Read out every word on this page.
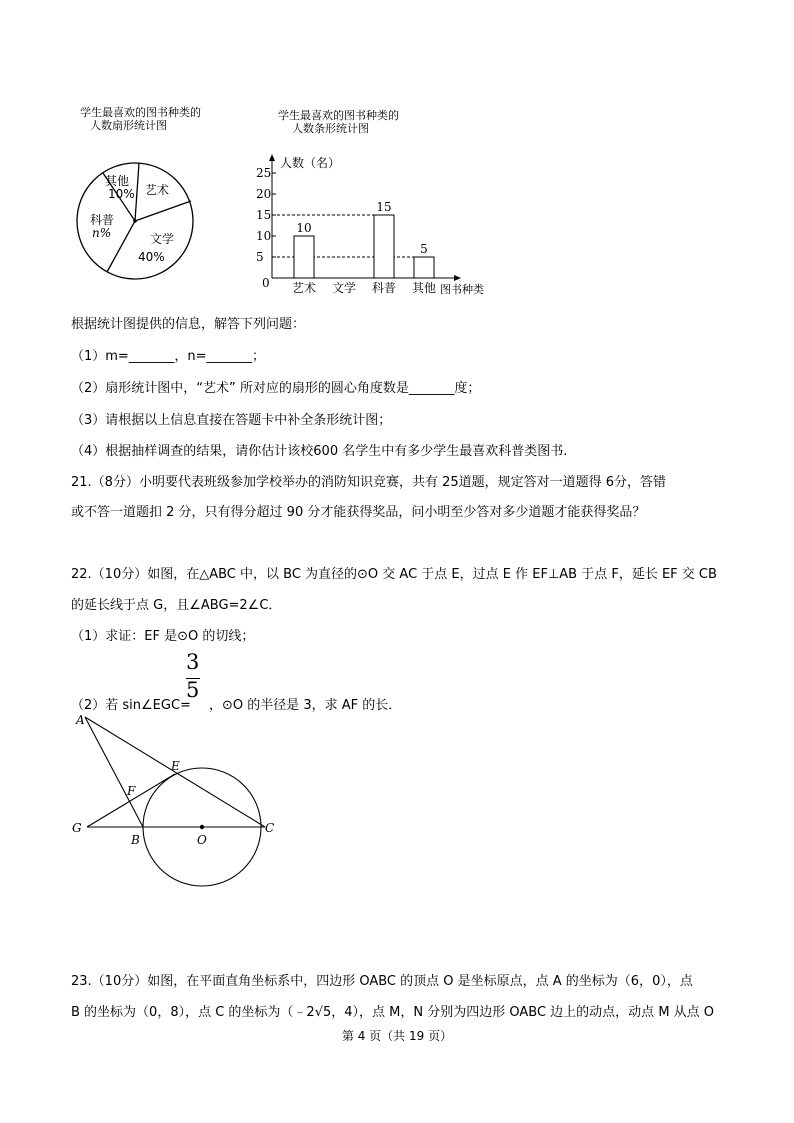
学生最喜欢的图书种类的
人数扇形统计图
其他
10% 艺术
文学
40%
科普
n%
学生最喜欢的图书种类的
人数条形统计图
人数（名）
图书种类
25
20
15
10
5
0
10
15
5
艺术 文学 科普 其他
根据统计图提供的信息，解答下列问题：
（1）m=_______，n=_______；
（2）扇形统计图中，“艺术” 所对应的扇形的圆心角度数是_______度；
（3）请根据以上信息直接在答题卡中补全条形统计图；
（4）根据抽样调查的结果，请你估计该校600 名学生中有多少学生最喜欢科普类图书.
21.（8分）小明要代表班级参加学校举办的消防知识竞赛，共有 25道题，规定答对一道题得 6分，答错
或不答一道题扣 2 分，只有得分超过 90 分才能获得奖品，问小明至少答对多少道题才能获得奖品？
22.（10分）如图，在△ABC 中，以 BC 为直径的⊙O 交 AC 于点 E，过点 E 作 EF⊥AB 于点 F，延长 EF 交 CB
的延长线于点 G，且∠ABG=2∠C．
（1）求证：EF 是⊙O 的切线；
（2）若 sin∠EGC= ，⊙O 的半径是 3，求 AF 的长．
3
5
A
E
F
G
B	O
C
23.（10分）如图，在平面直角坐标系中，四边形 OABC 的顶点 O 是坐标原点，点 A 的坐标为（6，0），点
B 的坐标为（0，8），点 C 的坐标为（﹣2√5，4），点 M，N 分别为四边形 OABC 边上的动点，动点 M 从点 O
第 4 页（共 19 页）
